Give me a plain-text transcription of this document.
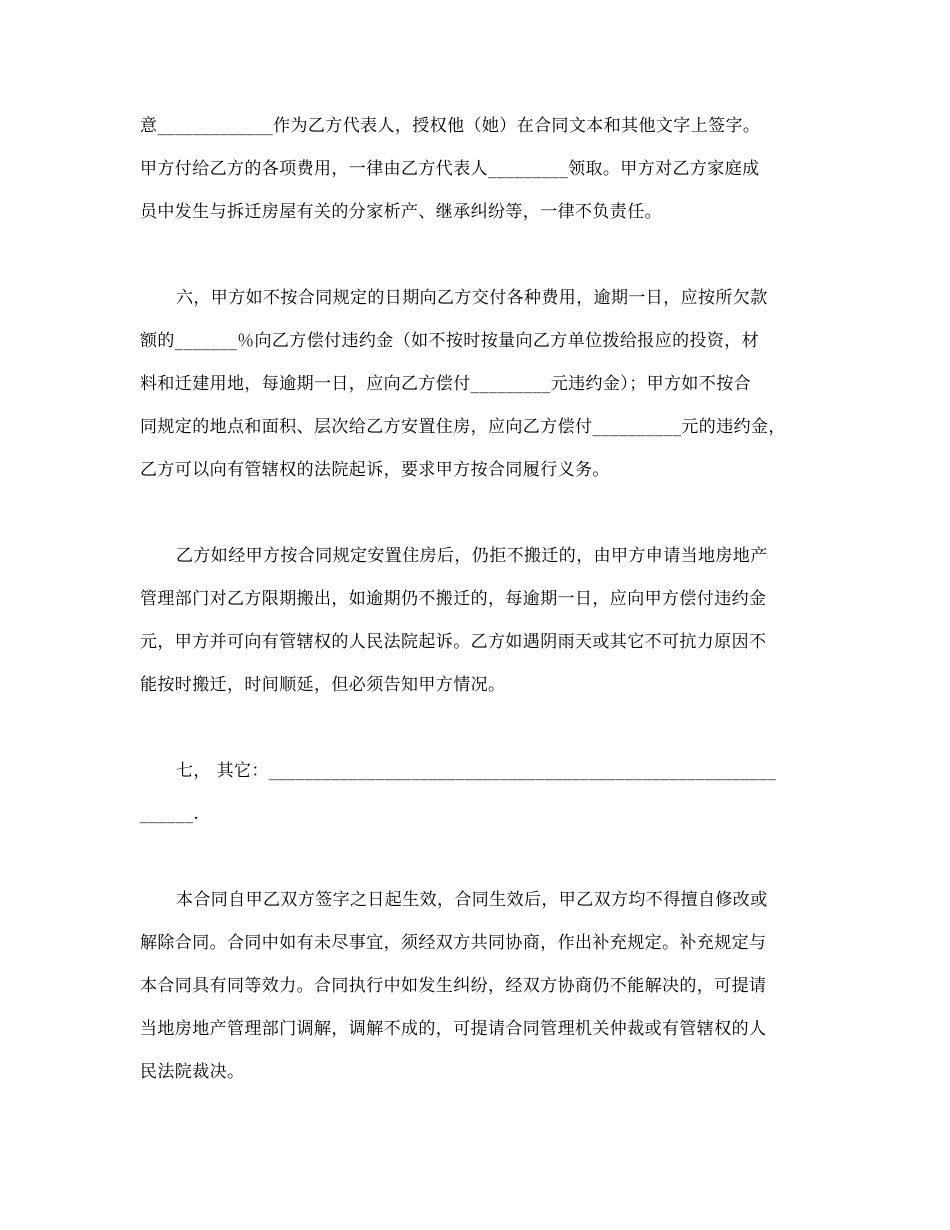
意_____________作为乙方代表人，授权他（她）在合同文本和其他文字上签字。
甲方付给乙方的各项费用，一律由乙方代表人_________领取。甲方对乙方家庭成
员中发生与拆迁房屋有关的分家析产、继承纠纷等，一律不负责任。
六，甲方如不按合同规定的日期向乙方交付各种费用，逾期一日，应按所欠款
额的_______％向乙方偿付违约金（如不按时按量向乙方单位拨给报应的投资，材
料和迁建用地，每逾期一日，应向乙方偿付_________元违约金）；甲方如不按合
同规定的地点和面积、层次给乙方安置住房，应向乙方偿付__________元的违约金，
乙方可以向有管辖权的法院起诉，要求甲方按合同履行义务。
乙方如经甲方按合同规定安置住房后，仍拒不搬迁的，由甲方申请当地房地产
管理部门对乙方限期搬出，如逾期仍不搬迁的，每逾期一日，应向甲方偿付违约金
元，甲方并可向有管辖权的人民法院起诉。乙方如遇阴雨天或其它不可抗力原因不
能按时搬迁，时间顺延，但必须告知甲方情况。
七， 其它：_________________________________________________________
______.
本合同自甲乙双方签字之日起生效，合同生效后，甲乙双方均不得擅自修改或
解除合同。合同中如有未尽事宜，须经双方共同协商，作出补充规定。补充规定与
本合同具有同等效力。合同执行中如发生纠纷，经双方协商仍不能解决的，可提请
当地房地产管理部门调解，调解不成的，可提请合同管理机关仲裁或有管辖权的人
民法院裁决。
